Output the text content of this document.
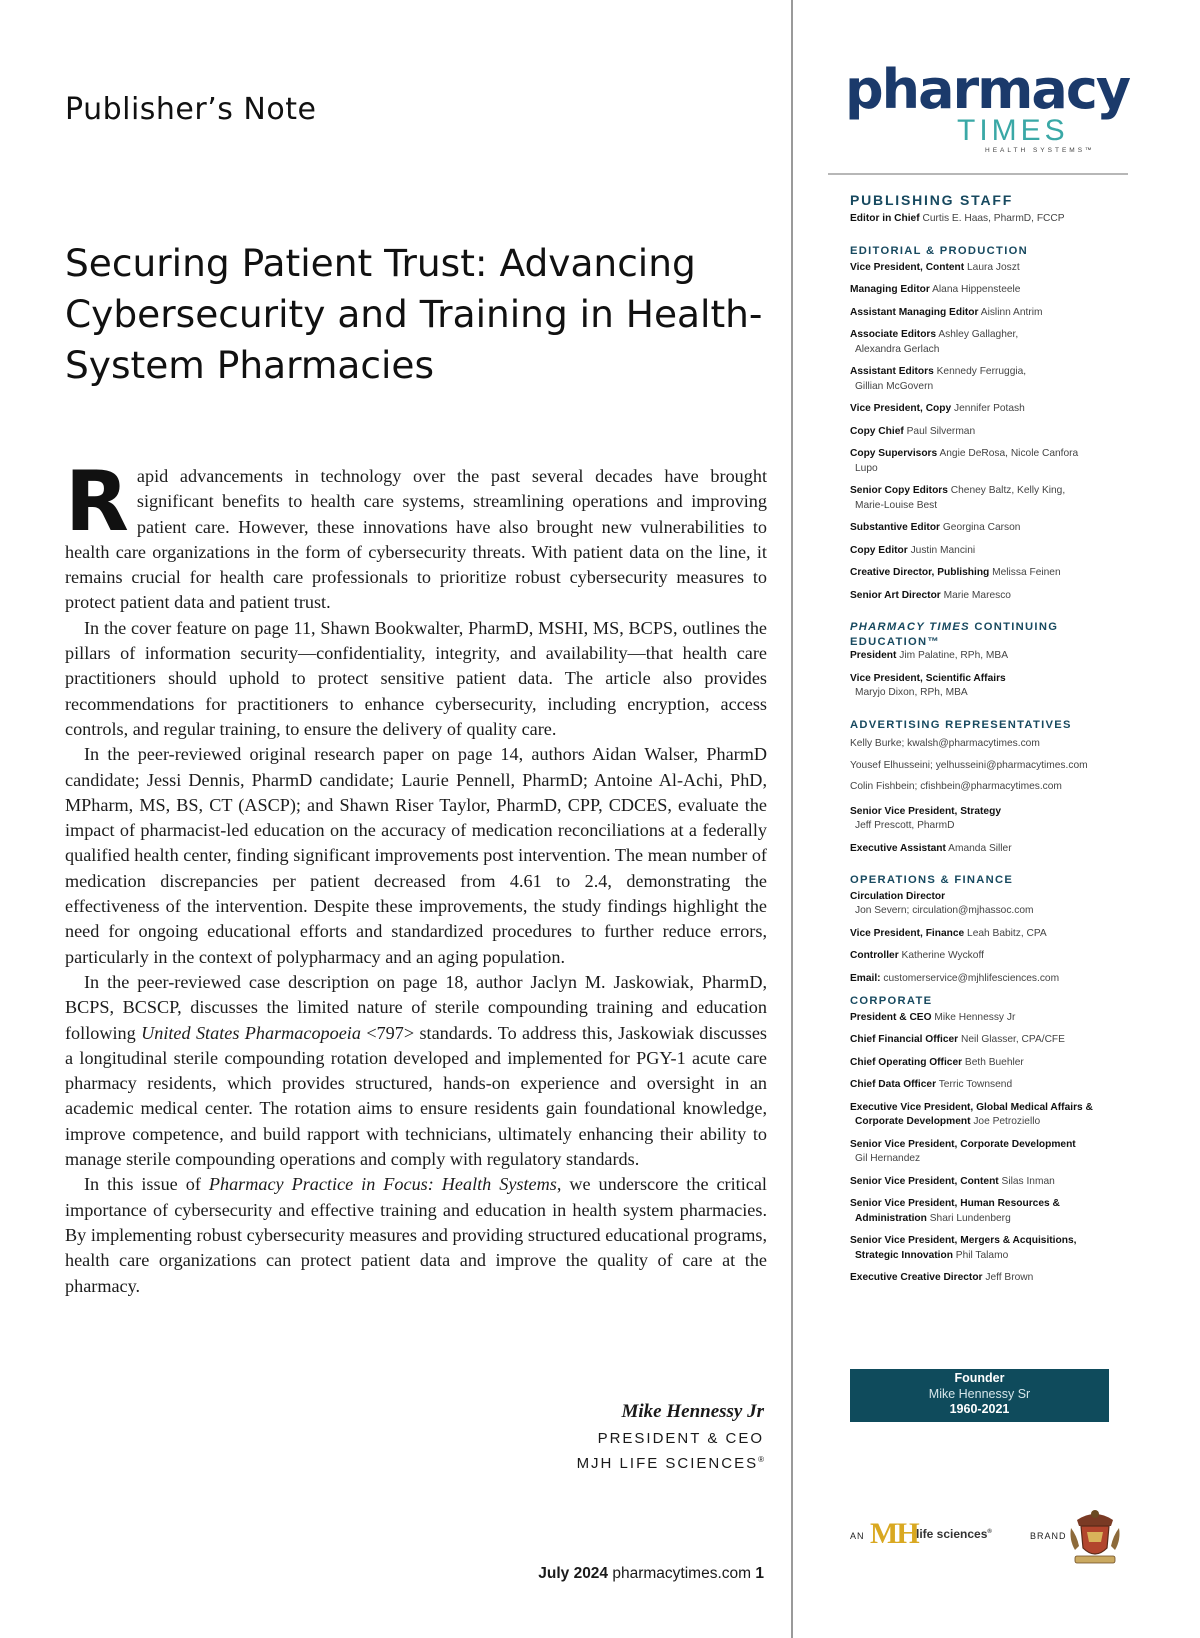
Publisher’s Note
Securing Patient Trust: Advancing Cybersecurity and Training in Health-System Pharmacies

Rapid advancements in technology over the past several decades have brought significant benefits to health care systems, streamlining operations and improving patient care. However, these innovations have also brought new vulnerabilities to health care organizations in the form of cybersecurity threats. With patient data on the line, it remains crucial for health care professionals to prioritize robust cybersecurity measures to protect patient data and patient trust.

In the cover feature on page 11, Shawn Bookwalter, PharmD, MSHI, MS, BCPS, outlines the pillars of information security—confidentiality, integrity, and availability—that health care practitioners should uphold to protect sensitive patient data. The article also provides recommendations for practitioners to enhance cybersecurity, including encryption, access controls, and regular training, to ensure the delivery of quality care.

In the peer-reviewed original research paper on page 14, authors Aidan Walser, PharmD candidate; Jessi Dennis, PharmD candidate; Laurie Pennell, PharmD; Antoine Al-Achi, PhD, MPharm, MS, BS, CT (ASCP); and Shawn Riser Taylor, PharmD, CPP, CDCES, evaluate the impact of pharmacist-led education on the accuracy of medication reconciliations at a federally qualified health center, finding significant improvements post intervention. The mean number of medication discrepancies per patient decreased from 4.61 to 2.4, demonstrating the effectiveness of the intervention. Despite these improvements, the study findings highlight the need for ongoing educational efforts and standardized procedures to further reduce errors, particularly in the context of polypharmacy and an aging population.

In the peer-reviewed case description on page 18, author Jaclyn M. Jaskowiak, PharmD, BCPS, BCSCP, discusses the limited nature of sterile compounding training and education following United States Pharmacopoeia <797> standards. To address this, Jaskowiak discusses a longitudinal sterile compounding rotation developed and implemented for PGY-1 acute care pharmacy residents, which provides structured, hands-on experience and oversight in an academic medical center. The rotation aims to ensure residents gain foundational knowledge, improve competence, and build rapport with technicians, ultimately enhancing their ability to manage sterile compounding operations and comply with regulatory standards.

In this issue of Pharmacy Practice in Focus: Health Systems, we underscore the critical importance of cybersecurity and effective training and education in health system pharmacies. By implementing robust cybersecurity measures and providing structured educational programs, health care organizations can protect patient data and improve the quality of care at the pharmacy.

Mike Hennessy Jr
PRESIDENT & CEO
MJH LIFE SCIENCES®
July 2024 pharmacytimes.com 1
pharmacy
TIMES
HEALTH SYSTEMS™

PUBLISHING STAFF

Editor in Chief Curtis E. Haas, PharmD, FCCP

EDITORIAL & PRODUCTION

Vice President, Content Laura Joszt

Managing Editor Alana Hippensteele

Assistant Managing Editor Aislinn Antrim

Associate Editors Ashley Gallagher,
Alexandra Gerlach

Assistant Editors Kennedy Ferruggia,
Gillian McGovern

Vice President, Copy Jennifer Potash

Copy Chief Paul Silverman

Copy Supervisors Angie DeRosa, Nicole Canfora
Lupo

Senior Copy Editors Cheney Baltz, Kelly King,
Marie-Louise Best

Substantive Editor Georgina Carson

Copy Editor Justin Mancini

Creative Director, Publishing Melissa Feinen

Senior Art Director Marie Maresco

PHARMACY TIMES CONTINUING
EDUCATION™

President Jim Palatine, RPh, MBA

Vice President, Scientific Affairs
Maryjo Dixon, RPh, MBA

ADVERTISING REPRESENTATIVES

Kelly Burke; kwalsh@pharmacytimes.com

Yousef Elhusseini; yelhusseini@pharmacytimes.com

Colin Fishbein; cfishbein@pharmacytimes.com

Senior Vice President, Strategy
Jeff Prescott, PharmD

Executive Assistant Amanda Siller

OPERATIONS & FINANCE

Circulation Director
Jon Severn; circulation@mjhassoc.com

Vice President, Finance Leah Babitz, CPA

Controller Katherine Wyckoff

Email: customerservice@mjhlifesciences.com

CORPORATE

President & CEO Mike Hennessy Jr

Chief Financial Officer Neil Glasser, CPA/CFE

Chief Operating Officer Beth Buehler

Chief Data Officer Terric Townsend

Executive Vice President, Global Medical Affairs &
Corporate Development Joe Petroziello

Senior Vice President, Corporate Development
Gil Hernandez

Senior Vice President, Content Silas Inman

Senior Vice President, Human Resources &
Administration Shari Lundenberg

Senior Vice President, Mergers & Acquisitions,
Strategic Innovation Phil Talamo

Executive Creative Director Jeff Brown

Founder
Mike Hennessy Sr
1960-2021
AN MH
life sciences®	BRAND
